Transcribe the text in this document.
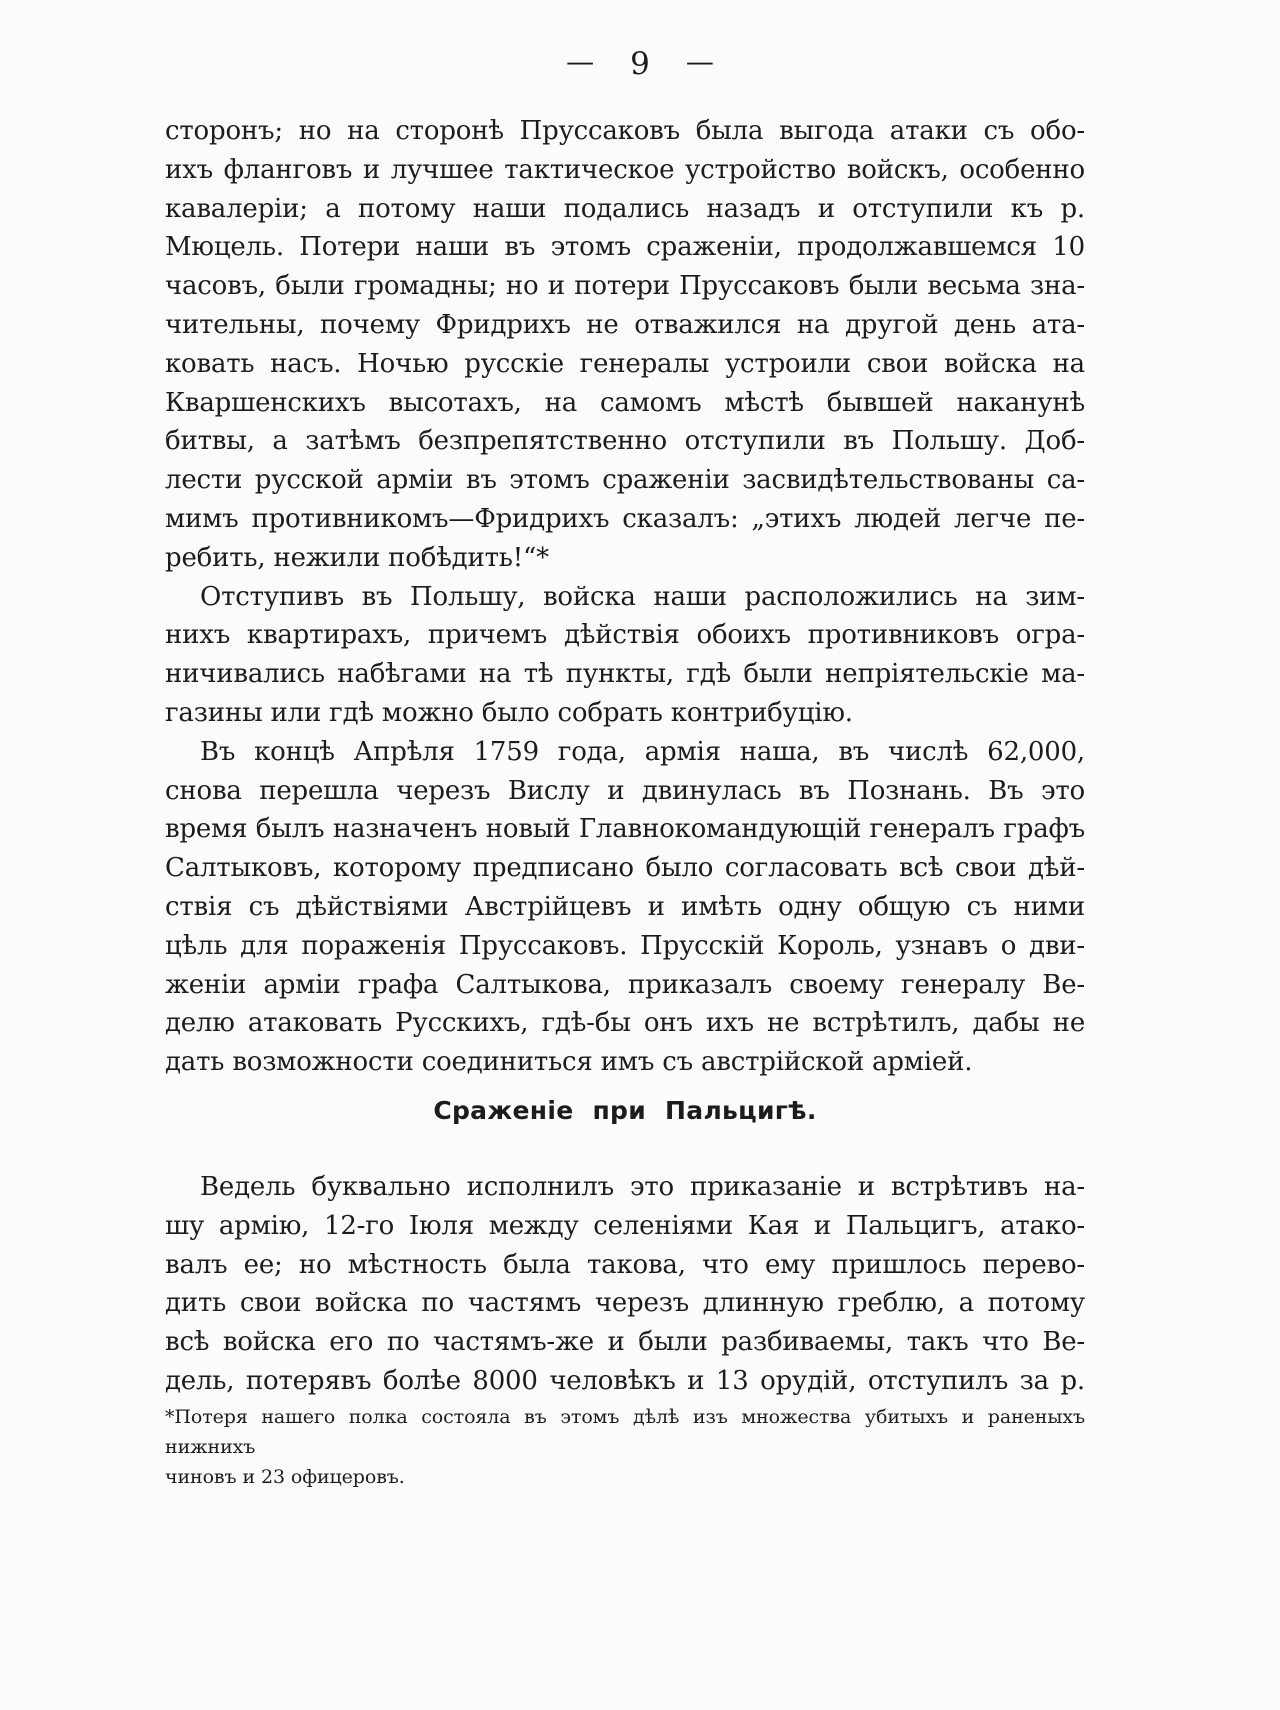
— 9 —
сторонъ; но на сторонѣ Пруссаковъ была выгода атаки съ обо-
ихъ фланговъ и лучшее тактическое устройство войскъ, особенно
кавалеріи; а потому наши подались назадъ и отступили къ р.
Мюцель. Потери наши въ этомъ сраженіи, продолжавшемся 10
часовъ, были громадны; но и потери Пруссаковъ были весьма зна-
чительны, почему Фридрихъ не отважился на другой день ата-
ковать насъ. Ночью русскіе генералы устроили свои войска на
Кваршенскихъ высотахъ, на самомъ мѣстѣ бывшей наканунѣ
битвы, а затѣмъ безпрепятственно отступили въ Польшу. Доб-
лести русской арміи въ этомъ сраженіи засвидѣтельствованы са-
мимъ противникомъ—Фридрихъ сказалъ: „этихъ людей легче пе-
ребить, нежили побѣдить!“*
Отступивъ въ Польшу, войска наши расположились на зим-
нихъ квартирахъ, причемъ дѣйствія обоихъ противниковъ огра-
ничивались набѣгами на тѣ пункты, гдѣ были непріятельскіе ма-
газины или гдѣ можно было собрать контрибуцію.
Въ концѣ Апрѣля 1759 года, армія наша, въ числѣ 62,000,
снова перешла черезъ Вислу и двинулась въ Познань. Въ это
время былъ назначенъ новый Главнокомандующій генералъ графъ
Салтыковъ, которому предписано было согласовать всѣ свои дѣй-
ствія съ дѣйствіями Австрійцевъ и имѣть одну общую съ ними
цѣль для пораженія Пруссаковъ. Прусскій Король, узнавъ о дви-
женіи арміи графа Салтыкова, приказалъ своему генералу Ве-
делю атаковать Русскихъ, гдѣ-бы онъ ихъ не встрѣтилъ, дабы не
дать возможности соединиться имъ съ австрійской арміей.
Сраженіе при Пальцигѣ.
Ведель буквально исполнилъ это приказаніе и встрѣтивъ на-
шу армію, 12-го Іюля между селеніями Кая и Пальцигъ, атако-
валъ ее; но мѣстность была такова, что ему пришлось перево-
дить свои войска по частямъ черезъ длинную греблю, а потому
всѣ войска его по частямъ-же и были разбиваемы, такъ что Ве-
дель, потерявъ болѣе 8000 человѣкъ и 13 орудій, отступилъ за р.
*Потеря нашего полка состояла въ этомъ дѣлѣ изъ множества убитыхъ и раненыхъ нижнихъ
чиновъ и 23 офицеровъ.
